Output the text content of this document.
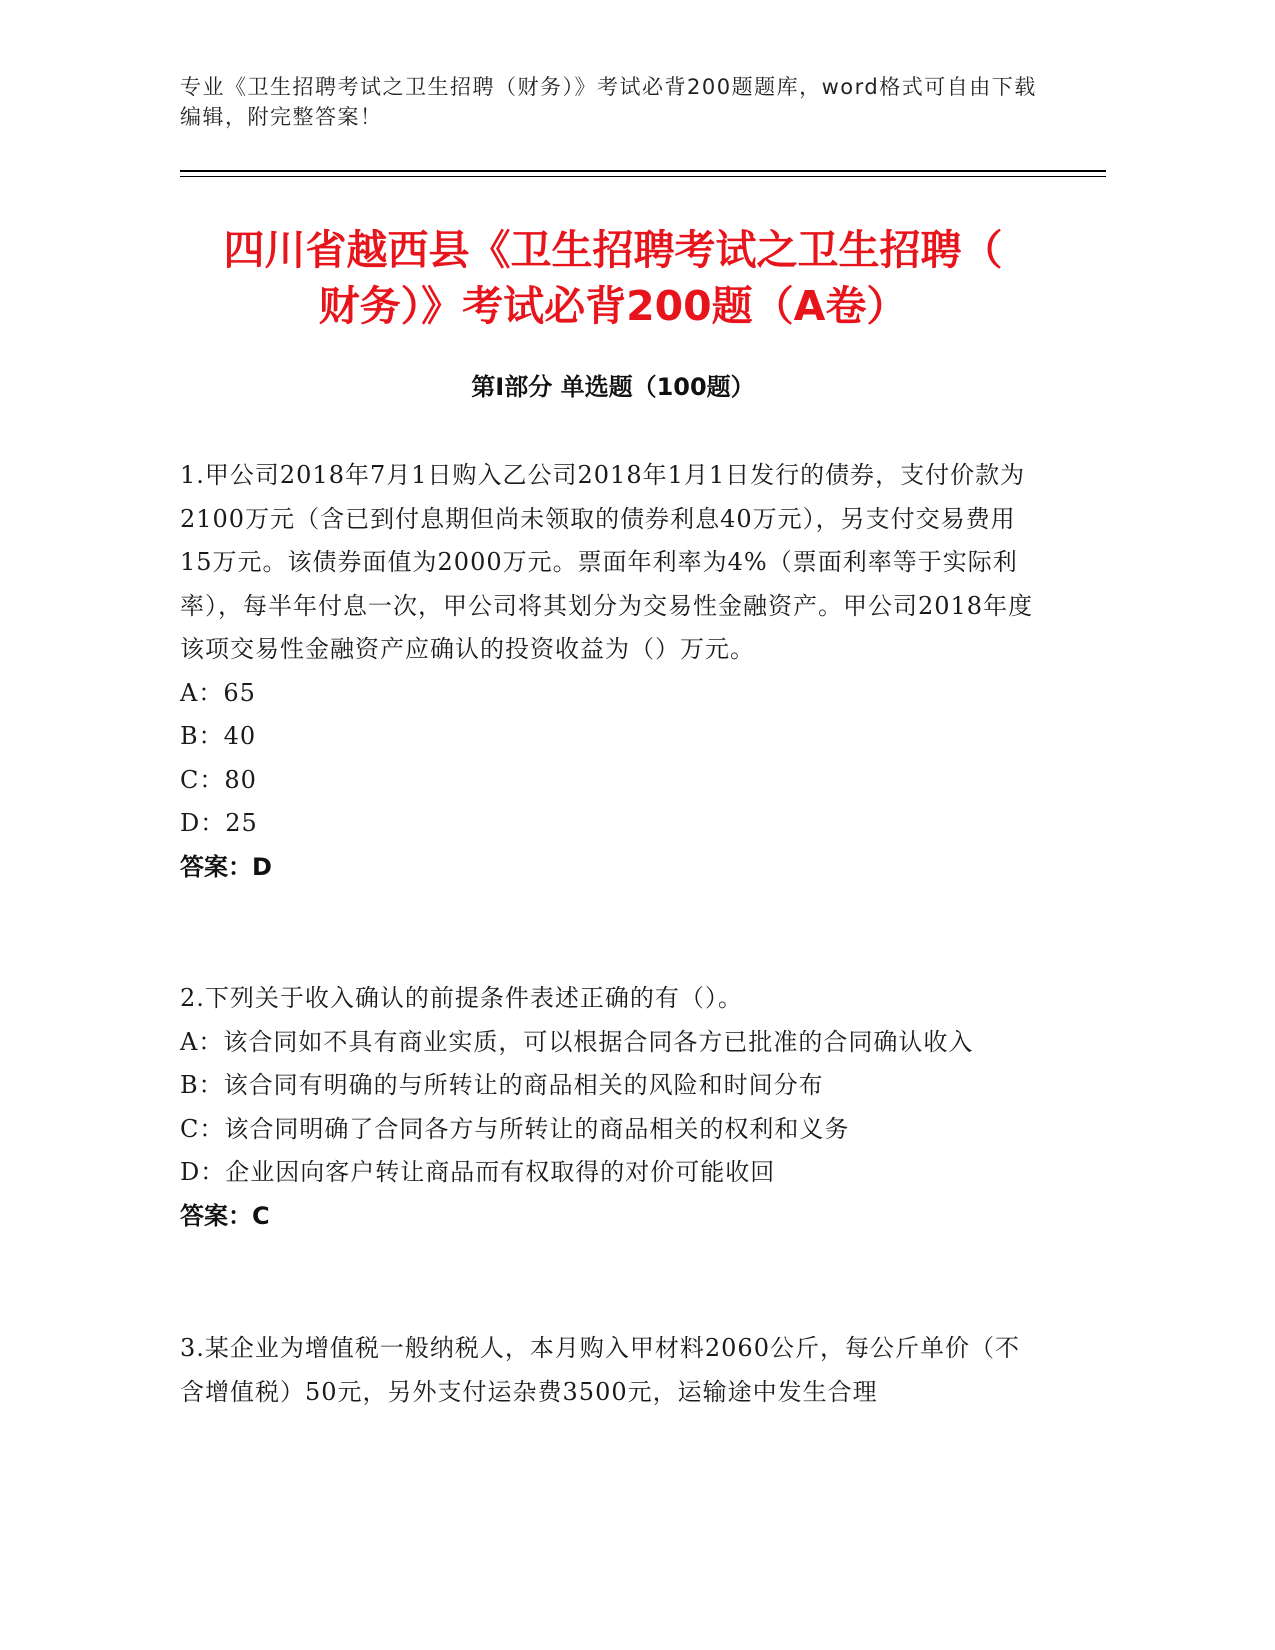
专业《卫生招聘考试之卫生招聘（财务）》考试必背200题题库，word格式可自由下载编辑，附完整答案！
四川省越西县《卫生招聘考试之卫生招聘（
财务）》考试必背200题（A卷）
第Ⅰ部分 单选题（100题）

1.甲公司2018年7月1日购入乙公司2018年1月1日发行的债券，支付价款为2100万元（含已到付息期但尚未领取的债券利息40万元），另支付交易费用15万元。该债券面值为2000万元。票面年利率为4%（票面利率等于实际利率），每半年付息一次，甲公司将其划分为交易性金融资产。甲公司2018年度该项交易性金融资产应确认的投资收益为（）万元。

A：65

B：40

C：80

D：25

答案：D

2.下列关于收入确认的前提条件表述正确的有（）。

A：该合同如不具有商业实质，可以根据合同各方已批准的合同确认收入

B：该合同有明确的与所转让的商品相关的风险和时间分布

C：该合同明确了合同各方与所转让的商品相关的权利和义务

D：企业因向客户转让商品而有权取得的对价可能收回

答案：C

3.某企业为增值税一般纳税人，本月购入甲材料2060公斤，每公斤单价（不含增值税）50元，另外支付运杂费3500元，运输途中发生合理
